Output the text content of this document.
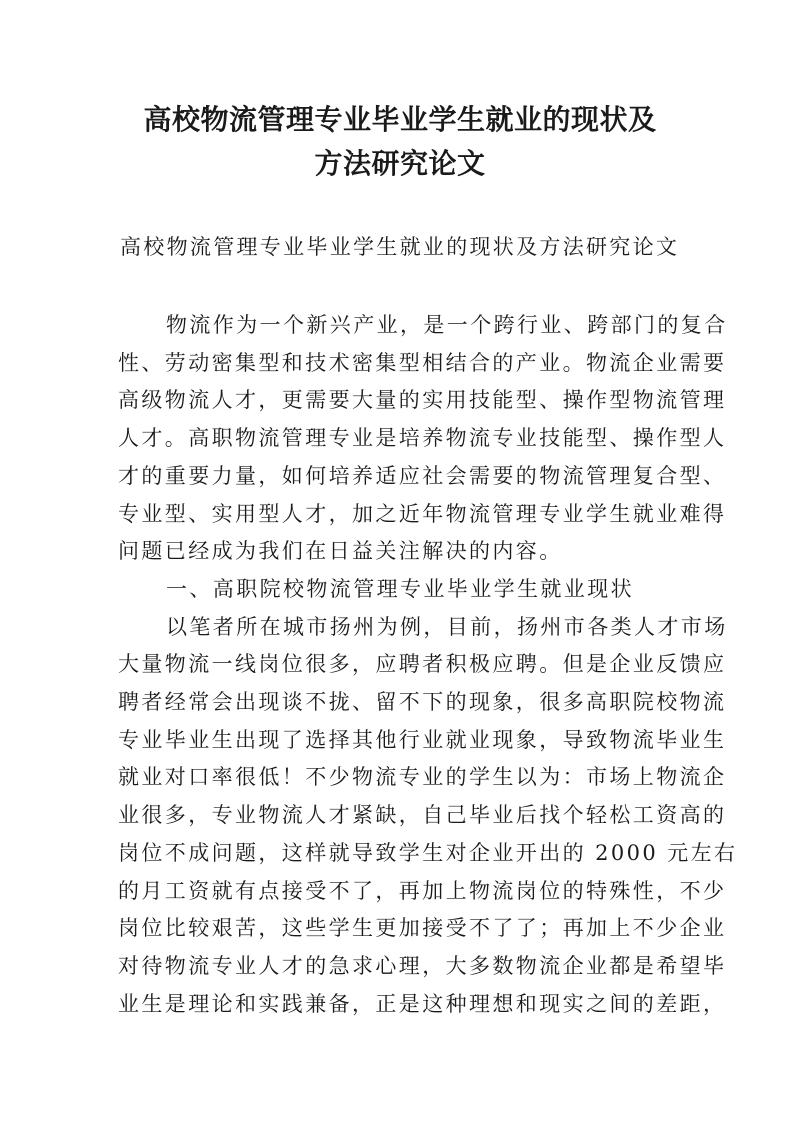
高校物流管理专业毕业学生就业的现状及
方法研究论文
高校物流管理专业毕业学生就业的现状及方法研究论文

物流作为一个新兴产业，是一个跨行业、跨部门的复合
性、劳动密集型和技术密集型相结合的产业。物流企业需要
高级物流人才，更需要大量的实用技能型、操作型物流管理
人才。高职物流管理专业是培养物流专业技能型、操作型人
才的重要力量，如何培养适应社会需要的物流管理复合型、
专业型、实用型人才，加之近年物流管理专业学生就业难得
问题已经成为我们在日益关注解决的内容。

一、高职院校物流管理专业毕业学生就业现状

以笔者所在城市扬州为例，目前，扬州市各类人才市场
大量物流一线岗位很多，应聘者积极应聘。但是企业反馈应
聘者经常会出现谈不拢、留不下的现象，很多高职院校物流
专业毕业生出现了选择其他行业就业现象，导致物流毕业生
就业对口率很低！不少物流专业的学生以为：市场上物流企
业很多，专业物流人才紧缺，自己毕业后找个轻松工资高的
岗位不成问题，这样就导致学生对企业开出的 2000 元左右
的月工资就有点接受不了，再加上物流岗位的特殊性，不少
岗位比较艰苦，这些学生更加接受不了了；再加上不少企业
对待物流专业人才的急求心理，大多数物流企业都是希望毕
业生是理论和实践兼备，正是这种理想和现实之间的差距，
